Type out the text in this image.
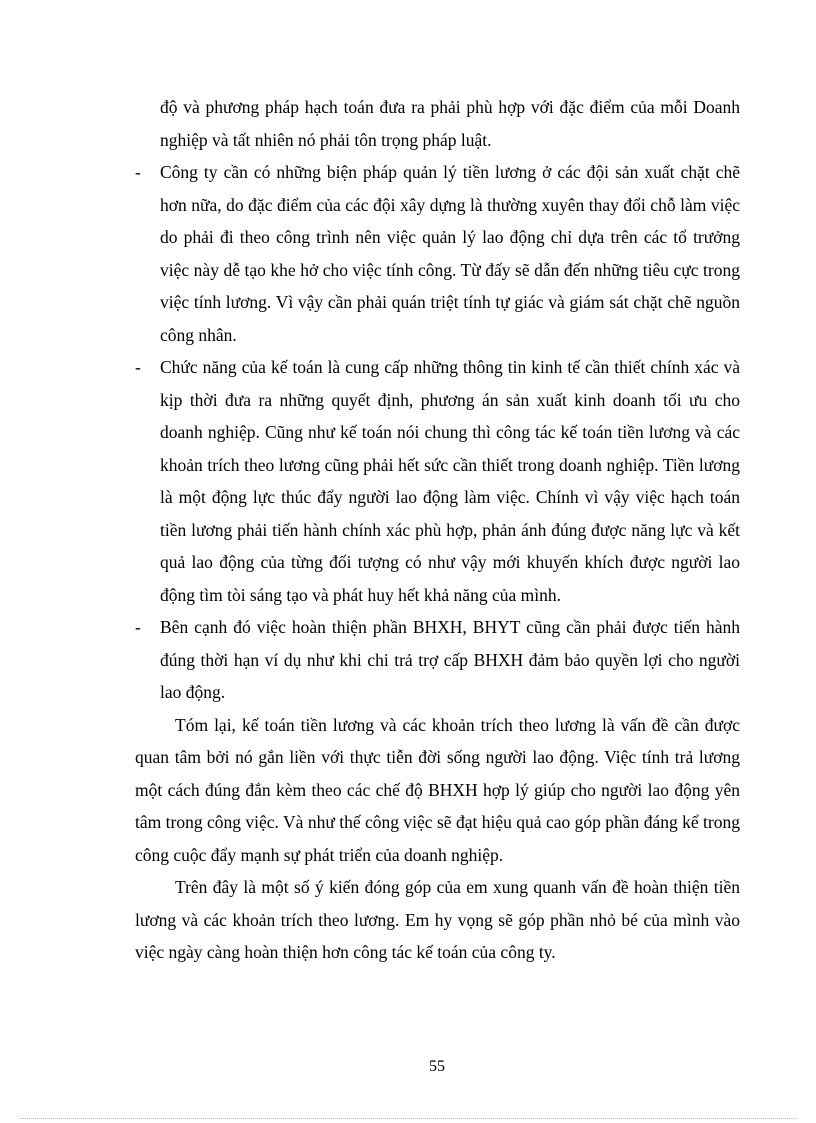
độ và phương pháp hạch toán đưa ra phải phù hợp với đặc điểm của mỗi Doanh nghiệp và tất nhiên nó phải tôn trọng pháp luật.

- Công ty cần có những biện pháp quản lý tiền lương ở các đội sản xuất chặt chẽ hơn nữa, do đặc điểm của các đội xây dựng là thường xuyên thay đổi chỗ làm việc do phải đi theo công trình nên việc quản lý lao động chỉ dựa trên các tổ trưởng việc này dễ tạo khe hở cho việc tính công. Từ đấy sẽ dẫn đến những tiêu cực trong việc tính lương. Vì vậy cần phải quán triệt tính tự giác và giám sát chặt chẽ nguồn công nhân.
- Chức năng của kế toán là cung cấp những thông tin kinh tế cần thiết chính xác và kịp thời đưa ra những quyết định, phương án sản xuất kinh doanh tối ưu cho doanh nghiệp. Cũng như kế toán nói chung thì công tác kế toán tiền lương và các khoản trích theo lương cũng phải hết sức cần thiết trong doanh nghiệp. Tiền lương là một động lực thúc đẩy người lao động làm việc. Chính vì vậy việc hạch toán tiền lương phải tiến hành chính xác phù hợp, phản ánh đúng được năng lực và kết quả lao động của từng đối tượng có như vậy mới khuyến khích được người lao động tìm tòi sáng tạo và phát huy hết khả năng của mình.
- Bên cạnh đó việc hoàn thiện phần BHXH, BHYT cũng cần phải được tiến hành đúng thời hạn ví dụ như khi chi trả trợ cấp BHXH đảm bảo quyền lợi cho người lao động.

Tóm lại, kế toán tiền lương và các khoản trích theo lương là vấn đề cần được quan tâm bởi nó gắn liền với thực tiễn đời sống người lao động. Việc tính trả lương một cách đúng đắn kèm theo các chế độ BHXH hợp lý giúp cho người lao động yên tâm trong công việc. Và như thế công việc sẽ đạt hiệu quả cao góp phần đáng kể trong công cuộc đẩy mạnh sự phát triển của doanh nghiệp.

Trên đây là một số ý kiến đóng góp của em xung quanh vấn đề hoàn thiện tiền lương và các khoản trích theo lương. Em hy vọng sẽ góp phần nhỏ bé của mình vào việc ngày càng hoàn thiện hơn công tác kế toán của công ty.

55
